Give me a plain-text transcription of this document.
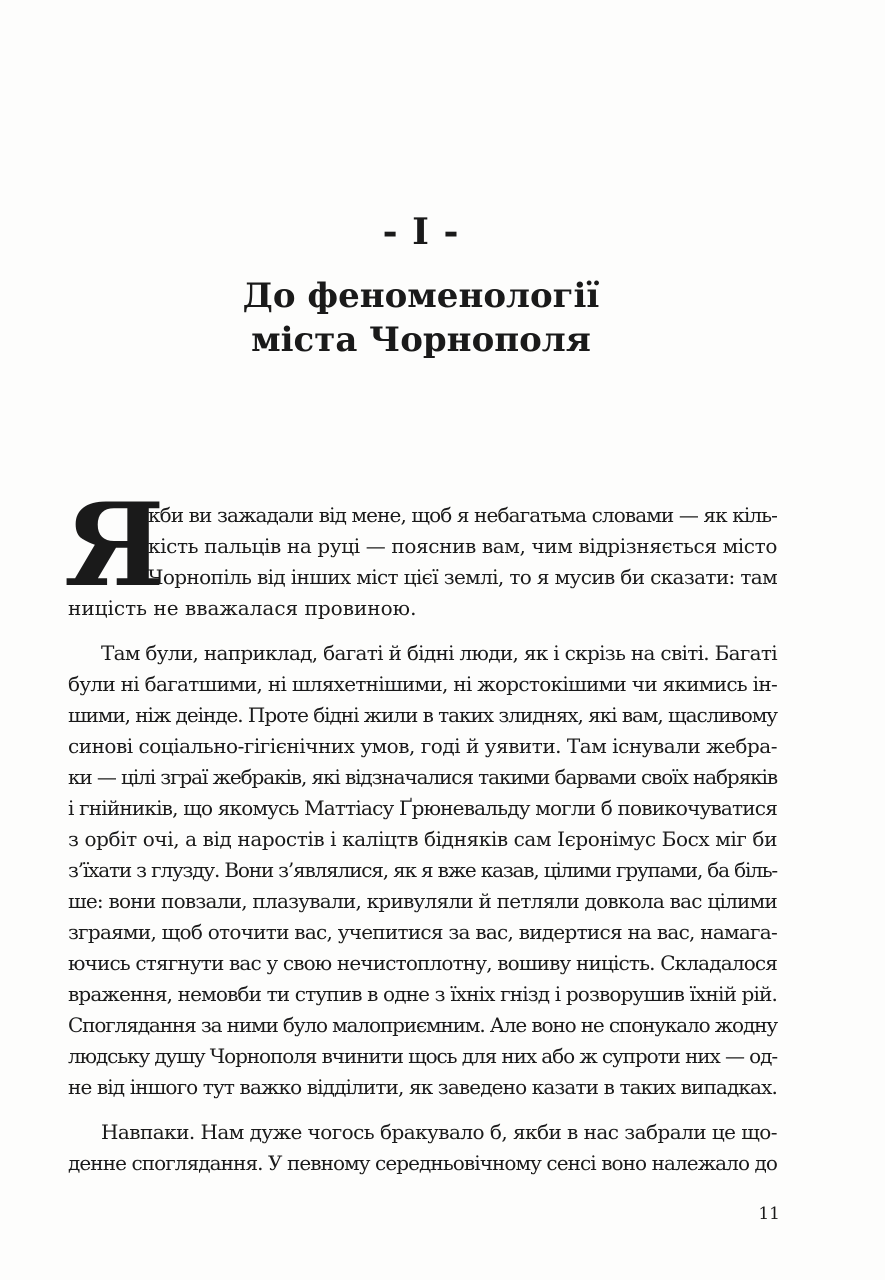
- I -
До феноменології
міста Чорнополя
Я
кби ви зажадали від мене, щоб я небагатьма словами — як кіль-
кість пальців на руці — пояснив вам, чим відрізняється місто
Чорнопіль від інших міст цієї землі, то я мусив би сказати: там
ницість не вважалася провиною.
Там були, наприклад, багаті й бідні люди, як і скрізь на світі. Багаті
були ні багатшими, ні шляхетнішими, ні жорстокішими чи якимись ін-
шими, ніж деінде. Проте бідні жили в таких злиднях, які вам, щасливому
синові соціально-гігієнічних умов, годі й уявити. Там існували жебра-
ки — цілі зграї жебраків, які відзначалися такими барвами своїх набряків
і гнійників, що якомусь Маттіасу Ґрюневальду могли б повикочуватися
з орбіт очі, а від наростів і каліцтв бідняків сам Ієронімус Босх міг би
з’їхати з глузду. Вони з’являлися, як я вже казав, цілими групами, ба біль-
ше: вони повзали, плазували, кривуляли й петляли довкола вас цілими
зграями, щоб оточити вас, учепитися за вас, видертися на вас, намага-
ючись стягнути вас у свою нечистоплотну, вошиву ницість. Складалося
враження, немовби ти ступив в одне з їхніх гнізд і розворушив їхній рій.
Споглядання за ними було малоприємним. Але воно не спонукало жодну
людську душу Чорнополя вчинити щось для них або ж супроти них — од-
не від іншого тут важко відділити, як заведено казати в таких випадках.
Навпаки. Нам дуже чогось бракувало б, якби в нас забрали це що-
денне споглядання. У певному середньовічному сенсі воно належало до
11
